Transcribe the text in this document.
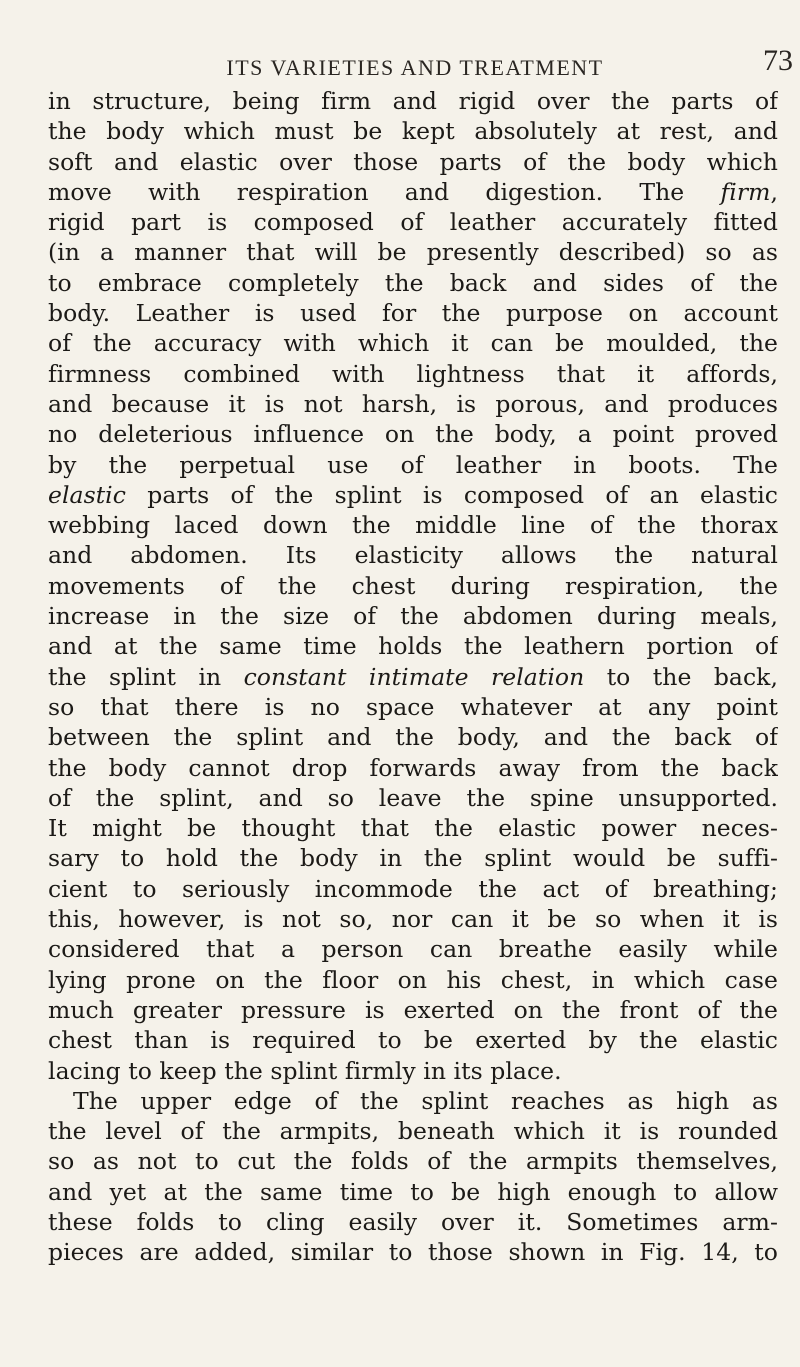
ITS VARIETIES AND TREATMENT	73
in structure, being firm and rigid over the parts of
the body which must be kept absolutely at rest, and
soft and elastic over those parts of the body which
move with respiration and digestion. The firm,
rigid part is composed of leather accurately fitted
(in a manner that will be presently described) so as
to embrace completely the back and sides of the
body. Leather is used for the purpose on account
of the accuracy with which it can be moulded, the
firmness combined with lightness that it affords,
and because it is not harsh, is porous, and produces
no deleterious influence on the body, a point proved
by the perpetual use of leather in boots. The
elastic parts of the splint is composed of an elastic
webbing laced down the middle line of the thorax
and abdomen. Its elasticity allows the natural
movements of the chest during respiration, the
increase in the size of the abdomen during meals,
and at the same time holds the leathern portion of
the splint in constant intimate relation to the back,
so that there is no space whatever at any point
between the splint and the body, and the back of
the body cannot drop forwards away from the back
of the splint, and so leave the spine unsupported.
It might be thought that the elastic power neces-
sary to hold the body in the splint would be suffi-
cient to seriously incommode the act of breathing;
this, however, is not so, nor can it be so when it is
considered that a person can breathe easily while
lying prone on the floor on his chest, in which case
much greater pressure is exerted on the front of the
chest than is required to be exerted by the elastic
lacing to keep the splint firmly in its place.
The upper edge of the splint reaches as high as
the level of the armpits, beneath which it is rounded
so as not to cut the folds of the armpits themselves,
and yet at the same time to be high enough to allow
these folds to cling easily over it. Sometimes arm-
pieces are added, similar to those shown in Fig. 14, to
